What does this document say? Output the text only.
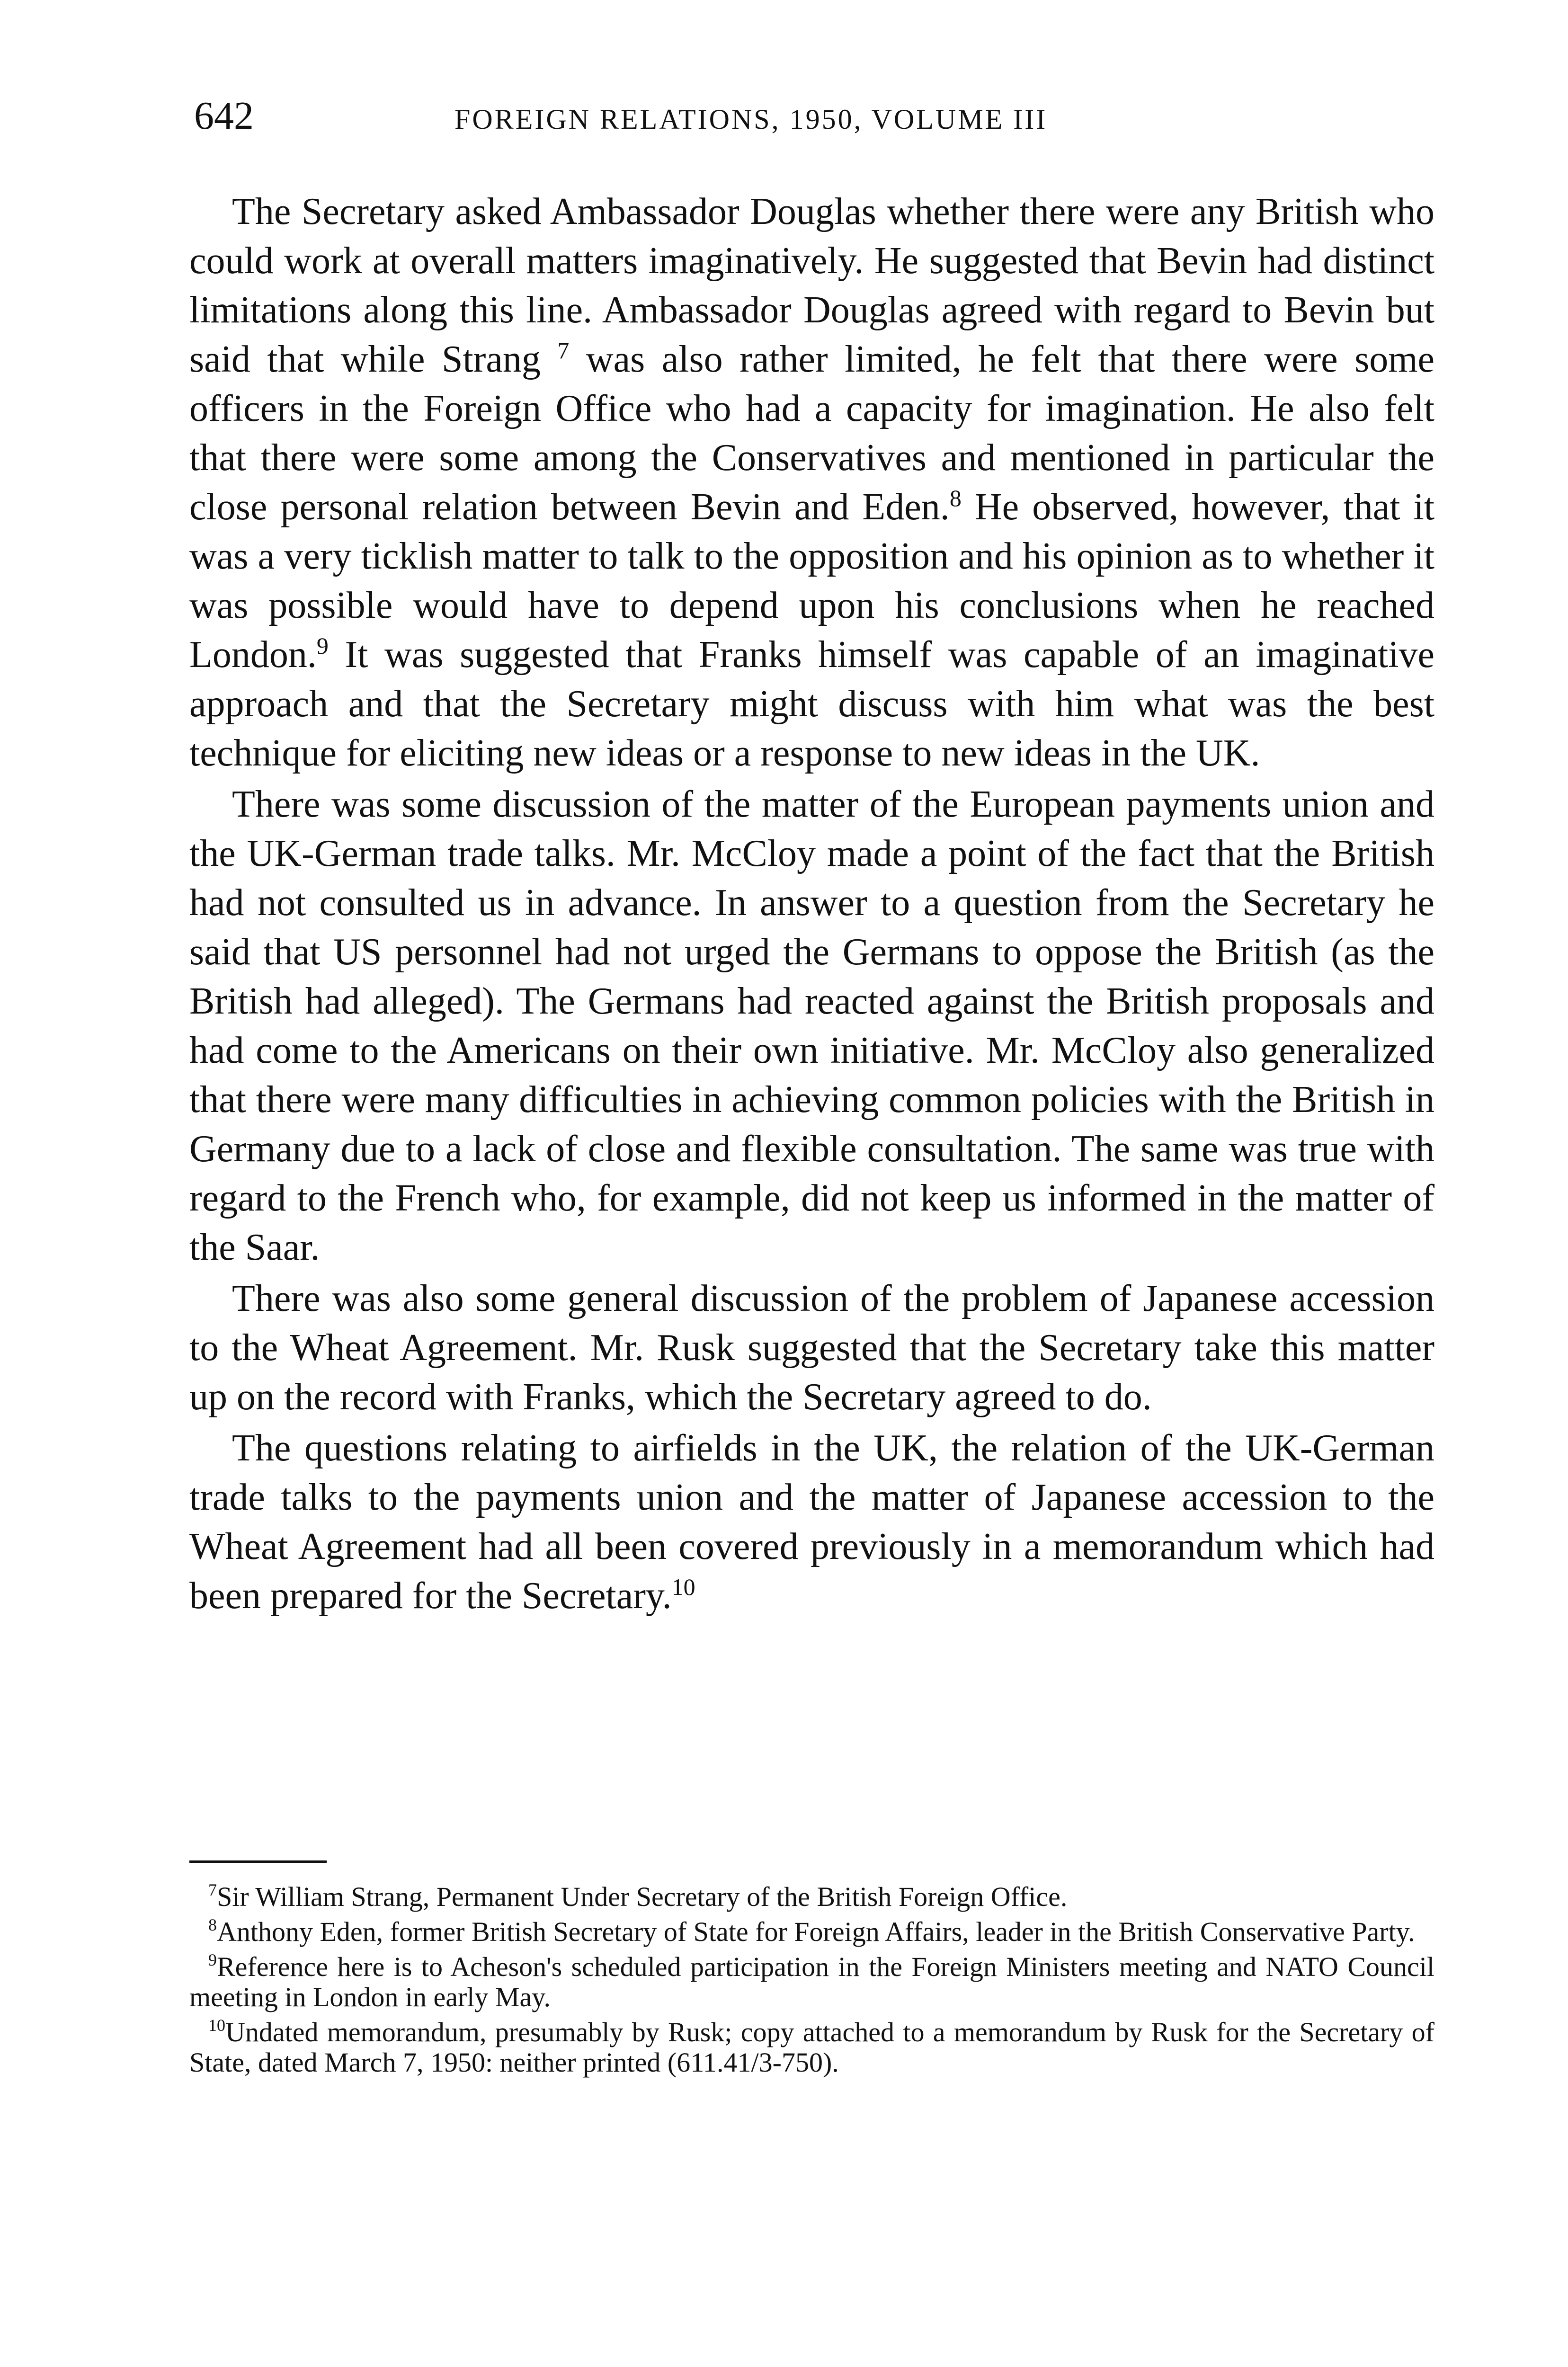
642	FOREIGN RELATIONS, 1950, VOLUME III

The Secretary asked Ambassador Douglas whether there were any British who could work at overall matters imaginatively. He suggested that Bevin had distinct limitations along this line. Ambassador Douglas agreed with regard to Bevin but said that while Strang $^7$ was also rather limited, he felt that there were some officers in the Foreign Office who had a capacity for imagination. He also felt that there were some among the Conservatives and mentioned in particular the close personal relation between Bevin and Eden.$^8$ He observed, however, that it was a very ticklish matter to talk to the opposition and his opinion as to whether it was possible would have to depend upon his conclusions when he reached London.$^9$ It was suggested that Franks himself was capable of an imaginative approach and that the Secretary might discuss with him what was the best technique for eliciting new ideas or a response to new ideas in the UK.

There was some discussion of the matter of the European payments union and the UK-German trade talks. Mr. McCloy made a point of the fact that the British had not consulted us in advance. In answer to a question from the Secretary he said that US personnel had not urged the Germans to oppose the British (as the British had alleged). The Germans had reacted against the British proposals and had come to the Americans on their own initiative. Mr. McCloy also generalized that there were many difficulties in achieving common policies with the British in Germany due to a lack of close and flexible consultation. The same was true with regard to the French who, for example, did not keep us informed in the matter of the Saar.

There was also some general discussion of the problem of Japanese accession to the Wheat Agreement. Mr. Rusk suggested that the Secretary take this matter up on the record with Franks, which the Secretary agreed to do.

The questions relating to airfields in the UK, the relation of the UK-German trade talks to the payments union and the matter of Japanese accession to the Wheat Agreement had all been covered previously in a memorandum which had been prepared for the Secretary.$^{10}$

$^7$Sir William Strang, Permanent Under Secretary of the British Foreign Office.

$^8$Anthony Eden, former British Secretary of State for Foreign Affairs, leader in the British Conservative Party.

$^9$Reference here is to Acheson's scheduled participation in the Foreign Ministers meeting and NATO Council meeting in London in early May.

$^{10}$Undated memorandum, presumably by Rusk; copy attached to a memorandum by Rusk for the Secretary of State, dated March 7, 1950: neither printed (611.41/3-750).
